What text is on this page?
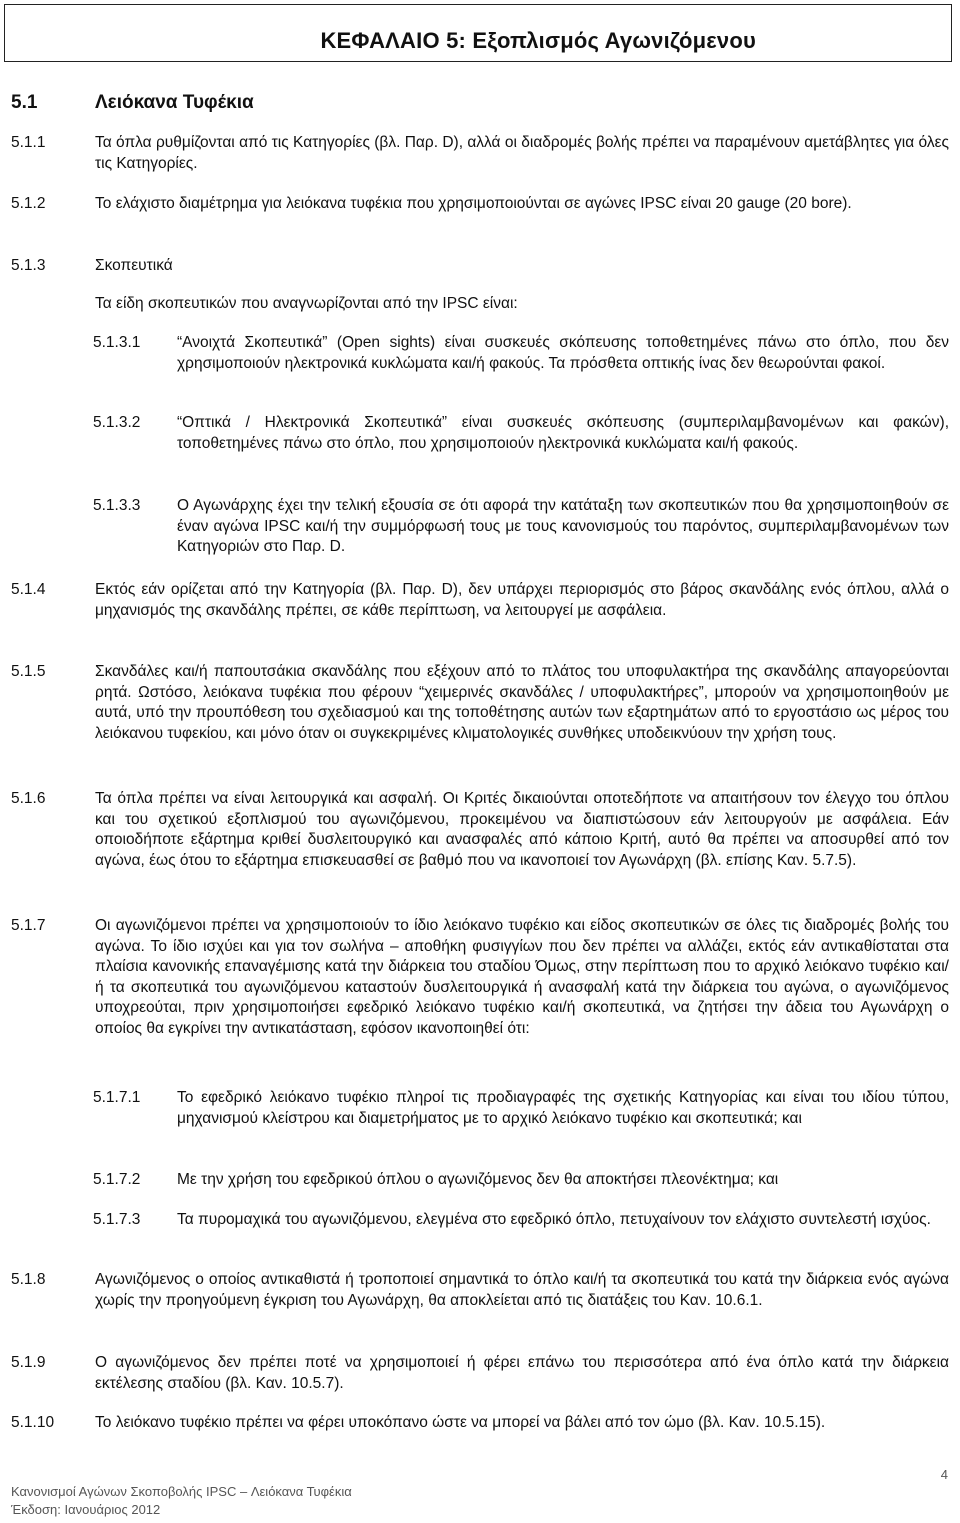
ΚΕΦΑΛΑΙΟ 5: Εξοπλισμός Αγωνιζόμενου
5.1	Λειόκανα Τυφέκια
5.1.1	Τα όπλα ρυθμίζονται από τις Κατηγορίες (βλ. Παρ. D), αλλά οι διαδρομές βολής πρέπει να παραμένουν αμετάβλητες για όλες τις Κατηγορίες.
5.1.2	Το ελάχιστο διαμέτρημα για λειόκανα τυφέκια που χρησιμοποιούνται σε αγώνες IPSC είναι 20 gauge (20 bore).
5.1.3	Σκοπευτικά
Τα είδη σκοπευτικών που αναγνωρίζονται από την IPSC είναι:
5.1.3.1 “Ανοιχτά Σκοπευτικά” (Open sights) είναι συσκευές σκόπευσης τοποθετημένες πάνω στο όπλο, που δεν χρησιμοποιούν ηλεκτρονικά κυκλώματα και/ή φακούς. Τα πρόσθετα οπτικής ίνας δεν θεωρούνται φακοί.
5.1.3.2 “Οπτικά / Ηλεκτρονικά Σκοπευτικά” είναι συσκευές σκόπευσης (συμπεριλαμβανομένων και φακών), τοποθετημένες πάνω στο όπλο, που χρησιμοποιούν ηλεκτρονικά κυκλώματα και/ή φακούς.
5.1.3.3 Ο Αγωνάρχης έχει την τελική εξουσία σε ότι αφορά την κατάταξη των σκοπευτικών που θα χρησιμοποιηθούν σε έναν αγώνα IPSC και/ή την συμμόρφωσή τους με τους κανονισμούς του παρόντος, συμπεριλαμβανομένων των Κατηγοριών στο Παρ. D.
5.1.4	Εκτός εάν ορίζεται από την Κατηγορία (βλ. Παρ. D), δεν υπάρχει περιορισμός στο βάρος σκανδάλης ενός όπλου, αλλά ο μηχανισμός της σκανδάλης πρέπει, σε κάθε περίπτωση, να λειτουργεί με ασφάλεια.
5.1.5	Σκανδάλες και/ή παπουτσάκια σκανδάλης που εξέχουν από το πλάτος του υποφυλακτήρα της σκανδάλης απαγορεύονται ρητά. Ωστόσο, λειόκανα τυφέκια που φέρουν “χειμερινές σκανδάλες / υποφυλακτήρες”, μπορούν να χρησιμοποιηθούν με αυτά, υπό την προυπόθεση του σχεδιασμού και της τοποθέτησης αυτών των εξαρτημάτων από το εργοστάσιο ως μέρος του λειόκανου τυφεκίου, και μόνο όταν οι συγκεκριμένες κλιματολογικές συνθήκες υποδεικνύουν την χρήση τους.
5.1.6	Τα όπλα πρέπει να είναι λειτουργικά και ασφαλή. Οι Κριτές δικαιούνται οποτεδήποτε να απαιτήσουν τον έλεγχο του όπλου και του σχετικού εξοπλισμού του αγωνιζόμενου, προκειμένου να διαπιστώσουν εάν λειτουργούν με ασφάλεια. Εάν οποιοδήποτε εξάρτημα κριθεί δυσλειτουργικό και ανασφαλές από κάποιο Κριτή, αυτό θα πρέπει να αποσυρθεί από τον αγώνα, έως ότου το εξάρτημα επισκευασθεί σε βαθμό που να ικανοποιεί τον Αγωνάρχη (βλ. επίσης Καν. 5.7.5).
5.1.7	Οι αγωνιζόμενοι πρέπει να χρησιμοποιούν το ίδιο λειόκανο τυφέκιο και είδος σκοπευτικών σε όλες τις διαδρομές βολής του αγώνα. Το ίδιο ισχύει και για τον σωλήνα – αποθήκη φυσιγγίων που δεν πρέπει να αλλάζει, εκτός εάν αντικαθίσταται στα πλαίσια κανονικής επαναγέμισης κατά την διάρκεια του σταδίου Όμως, στην περίπτωση που το αρχικό λειόκανο τυφέκιο και/ή τα σκοπευτικά του αγωνιζόμενου καταστούν δυσλειτουργικά ή ανασφαλή κατά την διάρκεια του αγώνα, ο αγωνιζόμενος υποχρεούται, πριν χρησιμοποιήσει εφεδρικό λειόκανο τυφέκιο και/ή σκοπευτικά, να ζητήσει την άδεια του Αγωνάρχη ο οποίος θα εγκρίνει την αντικατάσταση, εφόσον ικανοποιηθεί ότι:
5.1.7.1 Το εφεδρικό λειόκανο τυφέκιο πληροί τις προδιαγραφές της σχετικής Κατηγορίας και είναι του ιδίου τύπου, μηχανισμού κλείστρου και διαμετρήματος με το αρχικό λειόκανο τυφέκιο και σκοπευτικά; και
5.1.7.2 Με την χρήση του εφεδρικού όπλου ο αγωνιζόμενος δεν θα αποκτήσει πλεονέκτημα; και
5.1.7.3 Τα πυρομαχικά του αγωνιζόμενου, ελεγμένα στο εφεδρικό όπλο, πετυχαίνουν τον ελάχιστο συντελεστή ισχύος.
5.1.8	Αγωνιζόμενος ο οποίος αντικαθιστά ή τροποποιεί σημαντικά το όπλο και/ή τα σκοπευτικά του κατά την διάρκεια ενός αγώνα χωρίς την προηγούμενη έγκριση του Αγωνάρχη, θα αποκλείεται από τις διατάξεις του Καν. 10.6.1.
5.1.9	Ο αγωνιζόμενος δεν πρέπει ποτέ να χρησιμοποιεί ή φέρει επάνω του περισσότερα από ένα όπλο κατά την διάρκεια εκτέλεσης σταδίου (βλ. Καν. 10.5.7).
5.1.10	Το λειόκανο τυφέκιο πρέπει να φέρει υποκόπανο ώστε να μπορεί να βάλει από τον ώμο (βλ. Καν. 10.5.15).
4
Κανονισμοί Αγώνων Σκοποβολής IPSC – Λειόκανα Τυφέκια
Έκδοση: Ιανουάριος 2012
